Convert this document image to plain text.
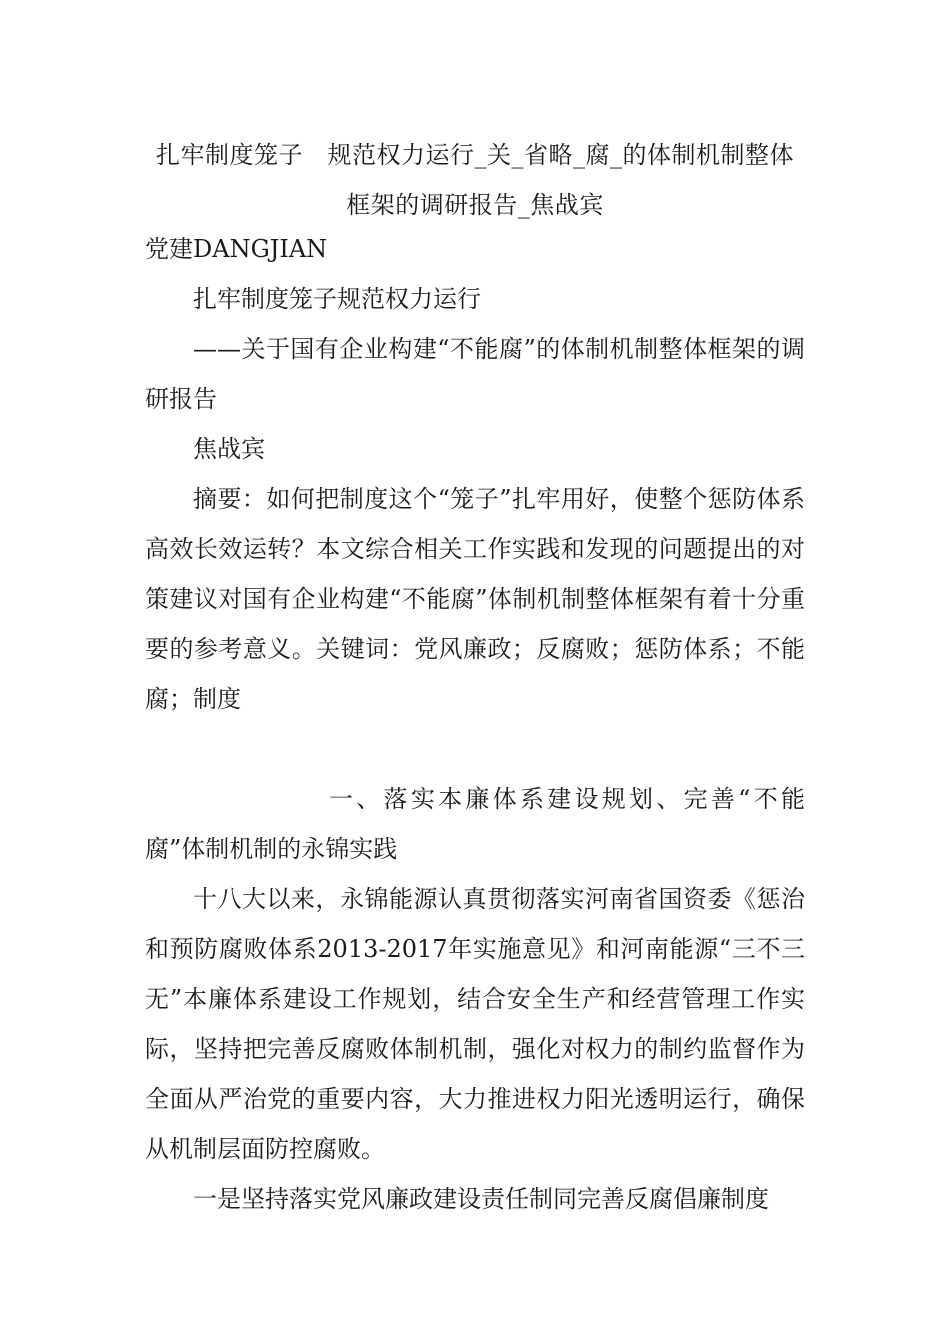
扎牢制度笼子　规范权力运行_关_省略_腐_的体制机制整体框架的调研报告_焦战宾

党建DANGJIAN

扎牢制度笼子规范权力运行

——关于国有企业构建“不能腐”的体制机制整体框架的调研报告

焦战宾

摘要：如何把制度这个“笼子”扎牢用好，使整个惩防体系高效长效运转？本文综合相关工作实践和发现的问题提出的对策建议对国有企业构建“不能腐”体制机制整体框架有着十分重要的参考意义。关键词：党风廉政；反腐败；惩防体系；不能腐；制度

一、落实本廉体系建设规划、完善“不能腐”体制机制的永锦实践

十八大以来，永锦能源认真贯彻落实河南省国资委《惩治和预防腐败体系2013-2017年实施意见》和河南能源“三不三无”本廉体系建设工作规划，结合安全生产和经营管理工作实际，坚持把完善反腐败体制机制，强化对权力的制约监督作为全面从严治党的重要内容，大力推进权力阳光透明运行，确保从机制层面防控腐败。

一是坚持落实党风廉政建设责任制同完善反腐倡廉制度
